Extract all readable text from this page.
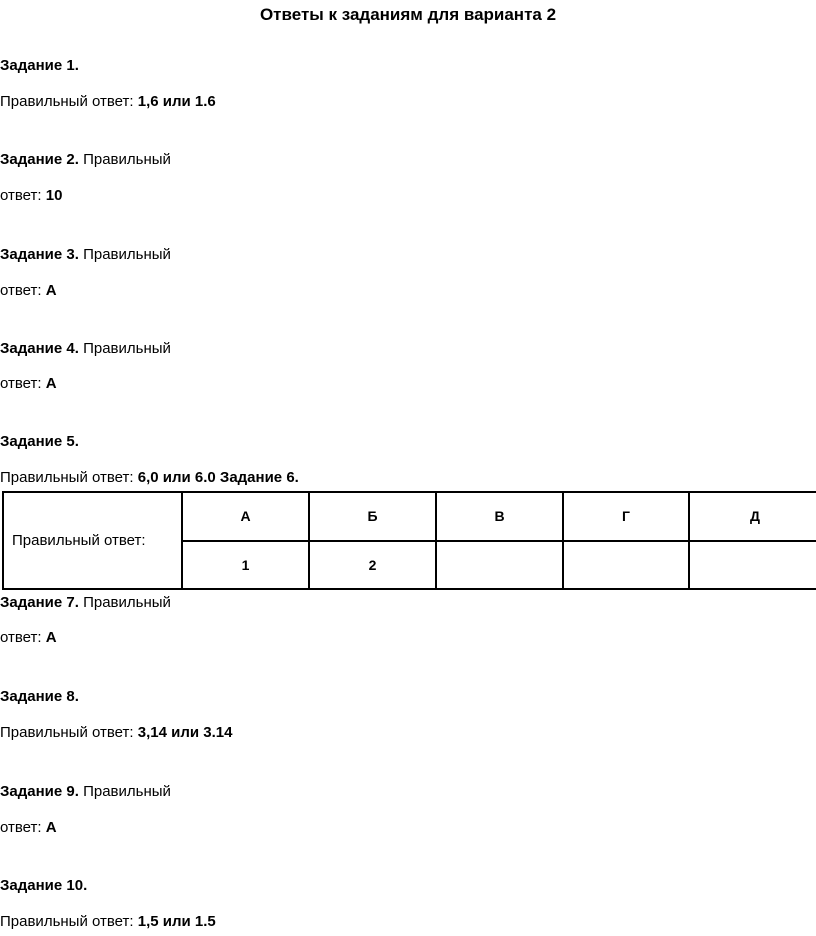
Ответы к заданиям для варианта 2
Задание 1.
Правильный ответ: 1,6 или 1.6
Задание 2. Правильный
ответ: 10
Задание 3. Правильный
ответ: А
Задание 4. Правильный
ответ: А
Задание 5.
Правильный ответ: 6,0 или 6.0 Задание 6.
Правильный ответ:	А	Б	В	Г	Д
	1	2			
Задание 7. Правильный
ответ: А
Задание 8.
Правильный ответ: 3,14 или 3.14
Задание 9. Правильный
ответ: А
Задание 10.
Правильный ответ: 1,5 или 1.5
